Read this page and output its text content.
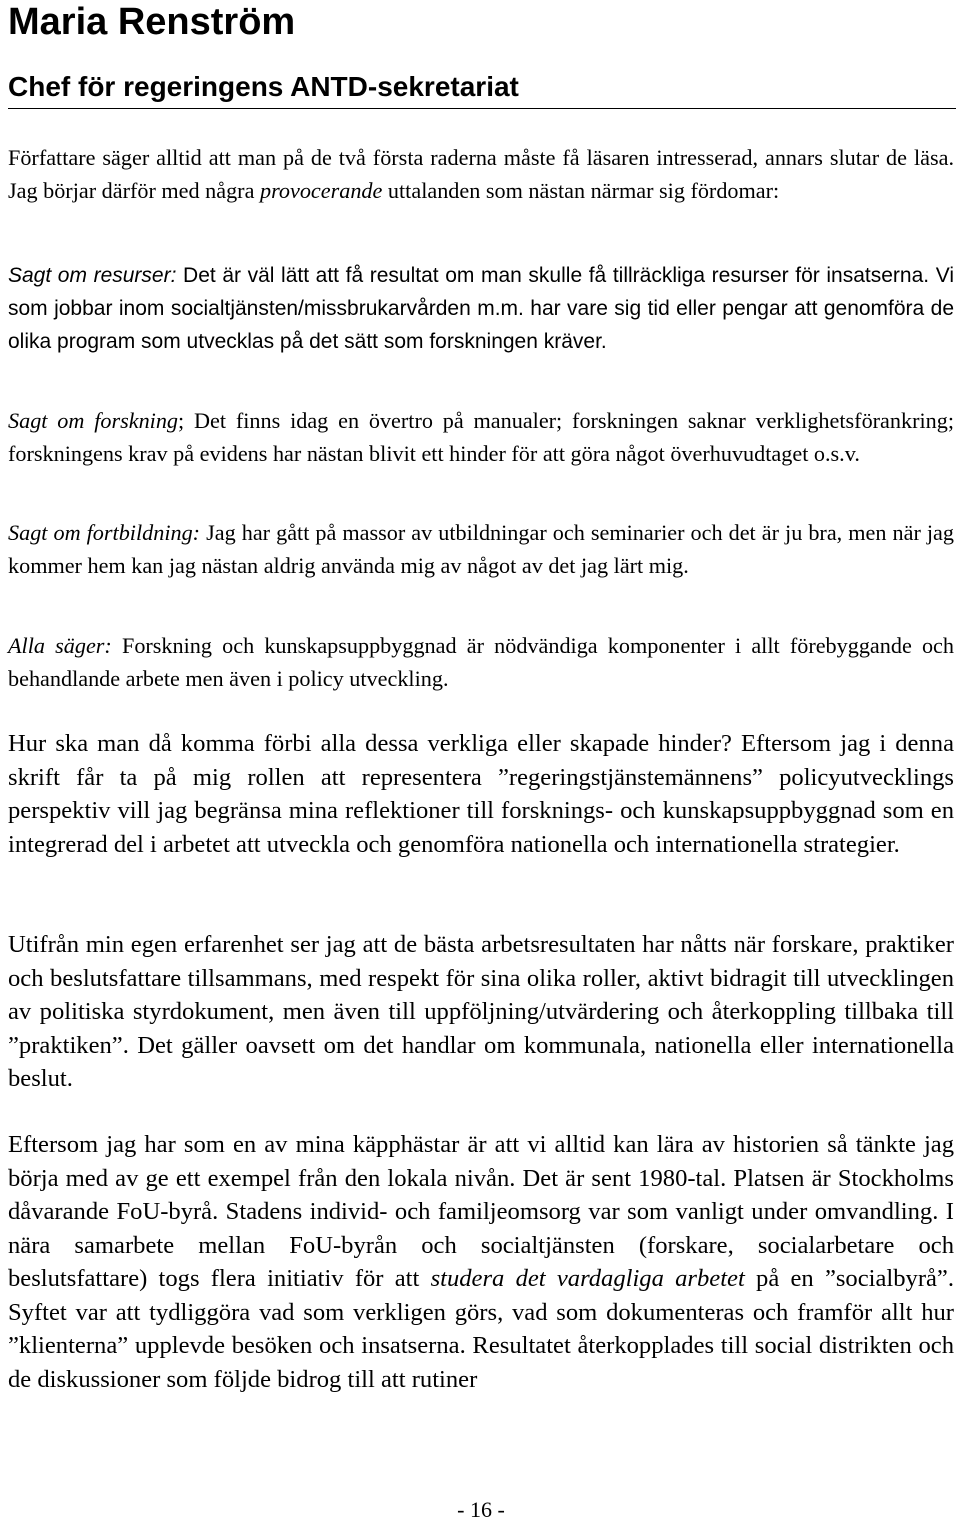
Maria Renström
Chef för regeringens ANTD-sekretariat

Författare säger alltid att man på de två första raderna måste få läsaren intresserad, annars slutar de läsa. Jag börjar därför med några provocerande uttalanden som nästan närmar sig fördomar:

Sagt om resurser: Det är väl lätt att få resultat om man skulle få tillräckliga resurser för insatserna. Vi som jobbar inom socialtjänsten/missbrukarvården m.m. har vare sig tid eller pengar att genomföra de olika program som utvecklas på det sätt som forskningen kräver.

Sagt om forskning; Det finns idag en övertro på manualer; forskningen saknar verklighetsförankring; forskningens krav på evidens har nästan blivit ett hinder för att göra något överhuvudtaget o.s.v.

Sagt om fortbildning: Jag har gått på massor av utbildningar och seminarier och det är ju bra, men när jag kommer hem kan jag nästan aldrig använda mig av något av det jag lärt mig.

Alla säger: Forskning och kunskapsuppbyggnad är nödvändiga komponenter i allt förebyggande och behandlande arbete men även i policy utveckling.

Hur ska man då komma förbi alla dessa verkliga eller skapade hinder? Eftersom jag i denna skrift får ta på mig rollen att representera ”regeringstjänstemännens” policyutvecklings perspektiv vill jag begränsa mina reflektioner till forsknings- och kunskapsuppbyggnad som en integrerad del i arbetet att utveckla och genomföra nationella och internationella strategier.

Utifrån min egen erfarenhet ser jag att de bästa arbetsresultaten har nåtts när forskare, praktiker och beslutsfattare tillsammans, med respekt för sina olika roller, aktivt bidragit till utvecklingen av politiska styrdokument, men även till uppföljning/utvärdering och återkoppling tillbaka till ”praktiken”. Det gäller oavsett om det handlar om kommunala, nationella eller internationella beslut.

Eftersom jag har som en av mina käpphästar är att vi alltid kan lära av historien så tänkte jag börja med av ge ett exempel från den lokala nivån. Det är sent 1980-tal. Platsen är Stockholms dåvarande FoU-byrå. Stadens individ- och familjeomsorg var som vanligt under omvandling. I nära samarbete mellan FoU-byrån och socialtjänsten (forskare, socialarbetare och beslutsfattare) togs flera initiativ för att studera det vardagliga arbetet på en ”socialbyrå”. Syftet var att tydliggöra vad som verkligen görs, vad som dokumenteras och framför allt hur ”klienterna” upplevde besöken och insatserna. Resultatet återkopplades till social distrikten och de diskussioner som följde bidrog till att rutiner

- 16 -
